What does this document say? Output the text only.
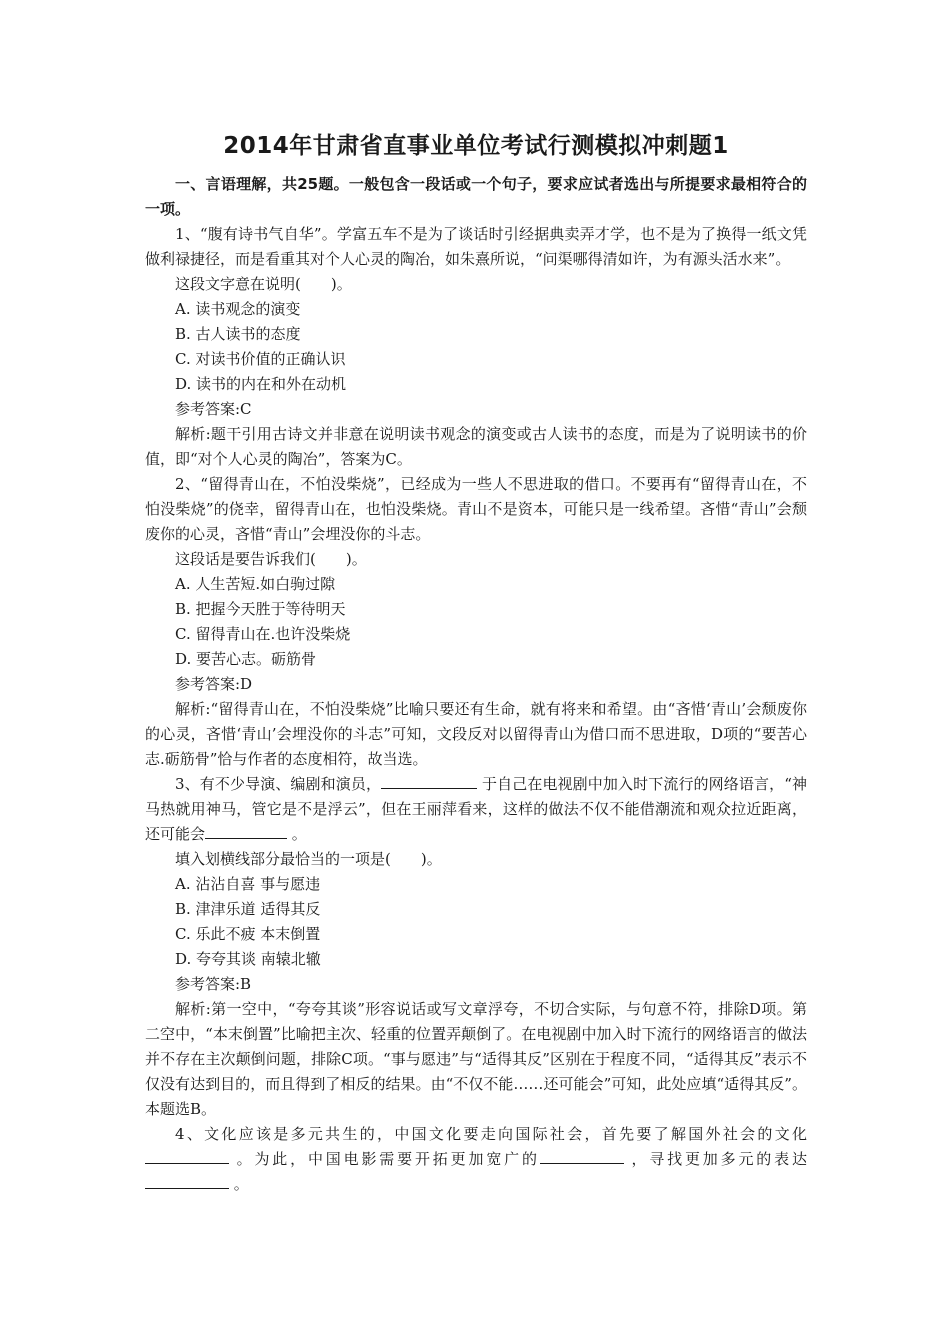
2014年甘肃省直事业单位考试行测模拟冲刺题1

一、言语理解，共25题。一般包含一段话或一个句子，要求应试者选出与所提要求最相符合的一项。

1、“腹有诗书气自华”。学富五车不是为了谈话时引经据典卖弄才学，也不是为了换得一纸文凭做利禄捷径，而是看重其对个人心灵的陶冶，如朱熹所说，“问渠哪得清如许，为有源头活水来”。

这段文字意在说明(　　)。

A. 读书观念的演变

B. 古人读书的态度

C. 对读书价值的正确认识

D. 读书的内在和外在动机

参考答案:C

解析:题干引用古诗文并非意在说明读书观念的演变或古人读书的态度，而是为了说明读书的价值，即“对个人心灵的陶冶”，答案为C。

2、“留得青山在，不怕没柴烧”，已经成为一些人不思进取的借口。不要再有“留得青山在，不怕没柴烧”的侥幸，留得青山在，也怕没柴烧。青山不是资本，可能只是一线希望。吝惜“青山”会颓废你的心灵，吝惜“青山”会埋没你的斗志。

这段话是要告诉我们(　　)。

A. 人生苦短.如白驹过隙

B. 把握今天胜于等待明天

C. 留得青山在.也许没柴烧

D. 要苦心志。砺筋骨

参考答案:D

解析:“留得青山在，不怕没柴烧”比喻只要还有生命，就有将来和希望。由“吝惜‘青山’会颓废你的心灵，吝惜‘青山’会埋没你的斗志”可知，文段反对以留得青山为借口而不思进取，D项的“要苦心志.砺筋骨”恰与作者的态度相符，故当选。

3、有不少导演、编剧和演员，	于自己在电视剧中加入时下流行的网络语言，“神马热就用神马，管它是不是浮云”，但在王丽萍看来，这样的做法不仅不能借潮流和观众拉近距离，还可能会	。

填入划横线部分最恰当的一项是(　　)。

A. 沾沾自喜 事与愿违

B. 津津乐道 适得其反

C. 乐此不疲 本末倒置

D. 夸夸其谈 南辕北辙

参考答案:B

解析:第一空中，“夸夸其谈”形容说话或写文章浮夸，不切合实际，与句意不符，排除D项。第二空中，“本末倒置”比喻把主次、轻重的位置弄颠倒了。在电视剧中加入时下流行的网络语言的做法并不存在主次颠倒问题，排除C项。“事与愿违”与“适得其反”区别在于程度不同，“适得其反”表示不仅没有达到目的，而且得到了相反的结果。由“不仅不能……还可能会”可知，此处应填“适得其反”。本题选B。

4、文化应该是多元共生的，中国文化要走向国际社会，首先要了解国外社会的文化 。为此，中国电影需要开拓更加宽广的	，寻找更加多元的表达 。
